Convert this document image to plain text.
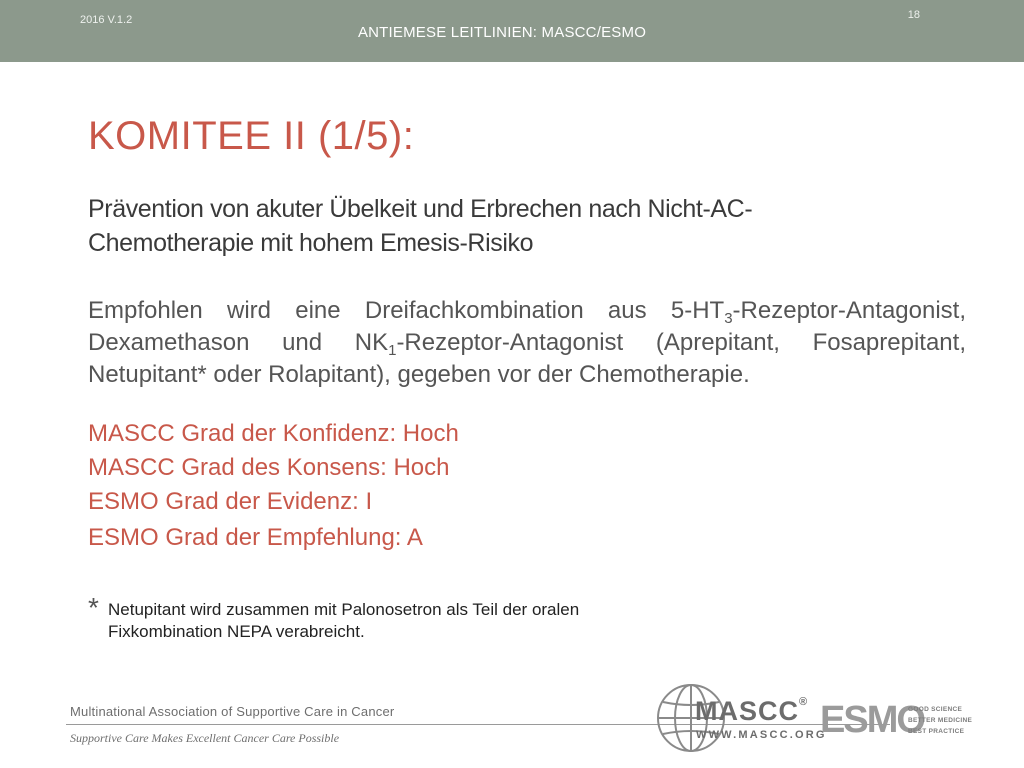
2016 V.1.2
ANTIEMESE LEITLINIEN: MASCC/ESMO
18
KOMITEE II (1/5):
Prävention von akuter Übelkeit und Erbrechen nach Nicht-AC-
Chemotherapie mit hohem Emesis-Risiko

Empfohlen wird eine Dreifachkombination aus $5-HT_3-Rezeptor$-Antagonist, Dexamethason und $NK_1-Rezeptor$-Antagonist (Aprepitant, Fosaprepitant, Netupitant* oder Rolapitant), gegeben vor der Chemotherapie.

MASCC Grad der Konfidenz: Hoch
MASCC Grad des Konsens: Hoch
ESMO Grad der Evidenz: I
ESMO Grad der Empfehlung: A
* Netupitant wird zusammen mit Palonosetron als Teil der oralen
Fixkombination NEPA verabreicht.
Multinational Association of Supportive Care in Cancer
Supportive Care Makes Excellent Cancer Care Possible
MASCC®
WWW.MASCC.ORG
ESMO
GOOD SCIENCE
BETTER MEDICINE
BEST PRACTICE
